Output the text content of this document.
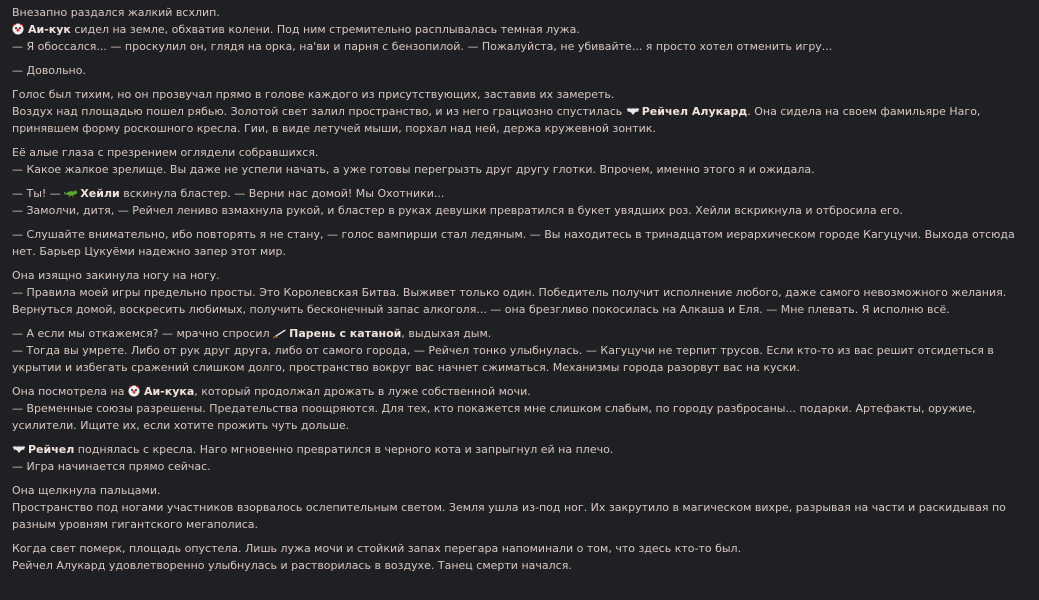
Внезапно раздался жалкий всхлип.
Аи-кук сидел на земле, обхватив колени. Под ним стремительно расплывалась темная лужа.
— Я обоссался... — проскулил он, глядя на орка, на'ви и парня с бензопилой. — Пожалуйста, не убивайте... я просто хотел отменить игру...
— Довольно.
Голос был тихим, но он прозвучал прямо в голове каждого из присутствующих, заставив их замереть.
Воздух над площадью пошел рябью. Золотой свет залил пространство, и из него грациозно спустилась
Рейчел Алукард. Она сидела на своем фамильяре Наго, принявшем форму роскошного кресла. Гии, в виде летучей мыши, порхал над ней, держа кружевной зонтик.
Её алые глаза с презрением оглядели собравшихся.
— Какое жалкое зрелище. Вы даже не успели начать, а уже готовы перегрызть друг другу глотки. Впрочем, именно этого я и ожидала.
— Ты! —
Хейли вскинула бластер. — Верни нас домой! Мы Охотники...
— Замолчи, дитя, — Рейчел лениво взмахнула рукой, и бластер в руках девушки превратился в букет увядших роз. Хейли вскрикнула и отбросила его.
— Слушайте внимательно, ибо повторять я не стану, — голос вампирши стал ледяным. — Вы находитесь в тринадцатом иерархическом городе Кагуцучи. Выхода отсюда нет. Барьер Цукуёми надежно запер этот мир.
Она изящно закинула ногу на ногу.
— Правила моей игры предельно просты. Это Королевская Битва. Выживет только один. Победитель получит исполнение любого, даже самого невозможного желания. Вернуться домой, воскресить любимых, получить бесконечный запас алкоголя... — она брезгливо покосилась на Алкаша и Еля. — Мне плевать. Я исполню всё.
— А если мы откажемся? — мрачно спросил
Парень с катаной, выдыхая дым.
— Тогда вы умрете. Либо от рук друг друга, либо от самого города, — Рейчел тонко улыбнулась. — Кагуцучи не терпит трусов. Если кто-то из вас решит отсидеться в укрытии и избегать сражений слишком долго, пространство вокруг вас начнет сжиматься. Механизмы города разорвут вас на куски.
Она посмотрела на
Аи-кука, который продолжал дрожать в луже собственной мочи.
— Временные союзы разрешены. Предательства поощряются. Для тех, кто покажется мне слишком слабым, по городу разбросаны... подарки. Артефакты, оружие, усилители. Ищите их, если хотите прожить чуть дольше.
Рейчел поднялась с кресла. Наго мгновенно превратился в черного кота и запрыгнул ей на плечо.
— Игра начинается прямо сейчас.
Она щелкнула пальцами.
Пространство под ногами участников взорвалось ослепительным светом. Земля ушла из-под ног. Их закрутило в магическом вихре, разрывая на части и раскидывая по разным уровням гигантского мегаполиса.
Когда свет померк, площадь опустела. Лишь лужа мочи и стойкий запах перегара напоминали о том, что здесь кто-то был.
Рейчел Алукард удовлетворенно улыбнулась и растворилась в воздухе. Танец смерти начался.
